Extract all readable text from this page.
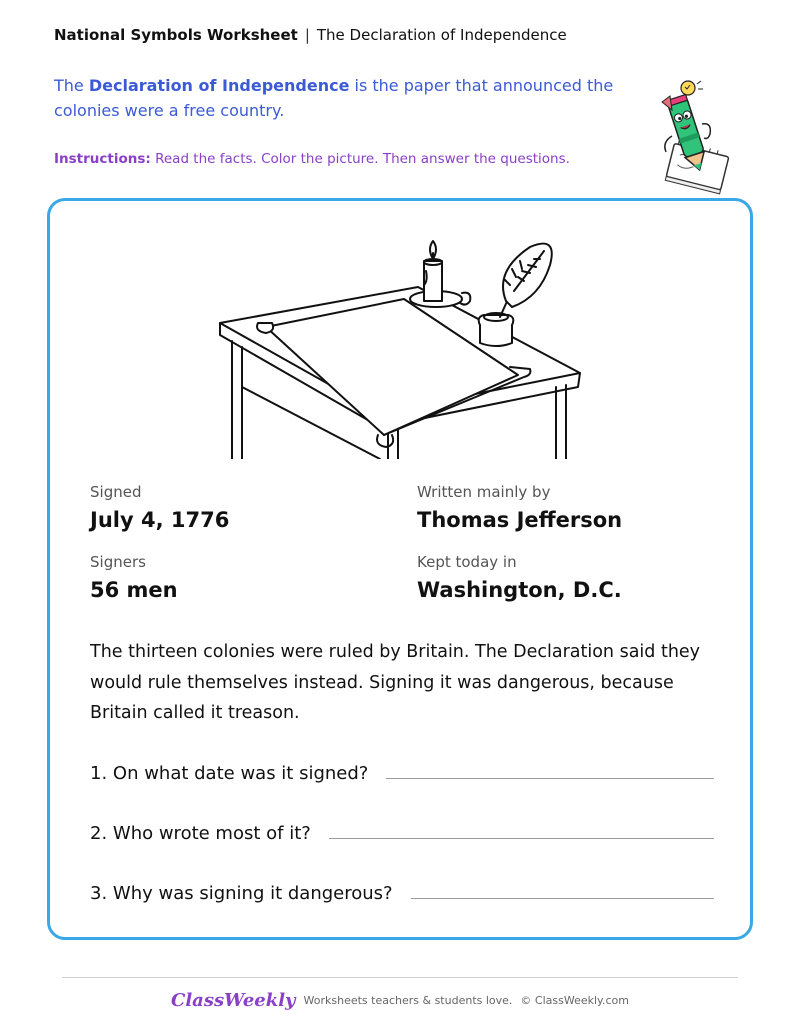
National Symbols Worksheet | The Declaration of Independence

The Declaration of Independence is the paper that announced the colonies were a free country.

Instructions: Read the facts. Color the picture. Then answer the questions.

Signed
July 4, 1776
Written mainly by
Thomas Jefferson
Signers
56 men
Kept today in
Washington, D.C.

The thirteen colonies were ruled by Britain. The Declaration said they would rule themselves instead. Signing it was dangerous, because Britain called it treason.

1. On what date was it signed?
2. Who wrote most of it?
3. Why was signing it dangerous?
ClassWeekly Worksheets teachers & students love. © ClassWeekly.com
